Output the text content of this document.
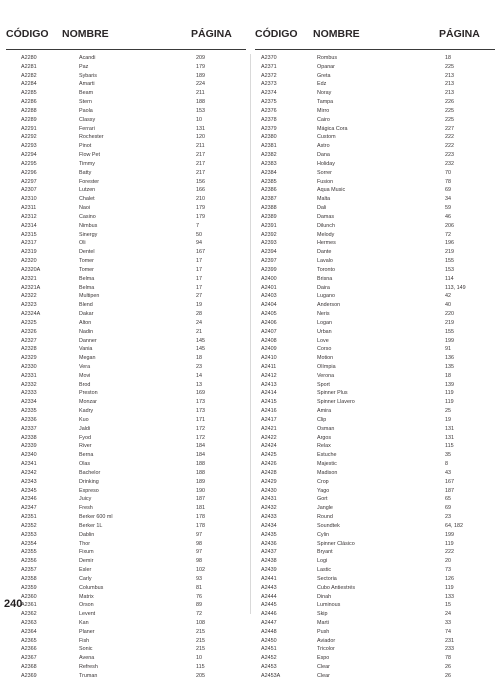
CÓDIGO NOMBRE	PÁGINA CÓDIGO NOMBRE	PÁGINA
A2280	Acandi	209
A2281	Paz	179
A2282	Sybaris	189
A2284	Amarti	224
A2285	Beam	211
A2286	Stern	188
A2288	Paola	153
A2289	Classy	10
A2291	Ferrari	131
A2292	Rochester	120
A2293	Pinot	211
A2294	Flow Pet	217
A2295	Timmy	217
A2296	Batty	217
A2297	Forester	156
A2307	Lutzen	166
A2310	Chalet	210
A2311	Naoi	179
A2312	Casino	179
A2314	Nimbus	7
A2315	Sinergy	50
A2317	Oli	94
A2319	Dentel	167
A2320	Tomer	17
A2320A	Tomer	17
A2321	Belma	17
A2321A	Belma	17
A2322	Multipen	27
A2323	Blend	19
A2324A	Dakar	28
A2325	Alton	24
A2326	Nadin	21
A2327	Danner	145
A2328	Vania	145
A2329	Megan	18
A2330	Vera	23
A2331	Movi	14
A2332	Brod	13
A2333	Preston	169
A2334	Monzar	173
A2335	Kadry	173
A2336	Kuo	171
A2337	Jaldi	172
A2338	Fyod	172
A2339	River	184
A2340	Berna	184
A2341	Olas	188
A2342	Bachelor	188
A2343	Drinking	189
A2345	Expreso	190
A2346	Juicy	187
A2347	Fresh	181
A2351	Berker 600 ml	178
A2352	Berker 1L	178
A2353	Dablin	97
A2354	Thor	98
A2355	Fixum	97
A2356	Demir	98
A2357	Esler	102
A2358	Carly	93
A2359	Columbus	81
A2360	Matrix	76
A2361	Orson	89
A2362	Levent	72
A2363	Kan	108
A2364	Planer	215
A2365	Fish	215
A2366	Sonic	215
A2367	Avena	10
A2368	Refresh	115
A2369	Truman	205
A2370	Rombus	18
A2371	Opanar	225
A2372	Greta	213
A2373	Edz	213
A2374	Noray	213
A2375	Tampa	226
A2376	Mirro	225
A2378	Cairo	225
A2379	Mágica Cora	227
A2380	Custom	222
A2381	Astro	222
A2382	Dana	223
A2383	Holiday	232
A2384	Sorrer	70
A2385	Fusion	78
A2386	Aqua Music	69
A2387	Malta	34
A2388	Dali	59
A2389	Damas	46
A2391	Dilunch	206
A2392	Melody	72
A2393	Hermes	196
A2394	Dante	219
A2397	Lavalo	155
A2399	Toronto	153
A2400	Brisna	114
A2401	Daira	113, 149
A2403	Lugano	42
A2404	Anderson	40
A2405	Neris	220
A2406	Logan	219
A2407	Urban	155
A2408	Love	199
A2409	Corso	91
A2410	Motion	136
A2411	Olímpia	135
A2412	Verona	18
A2413	Sport	139
A2414	Spinner Plus	119
A2415	Spinner Llavero	119
A2416	Amira	25
A2417	Clip	19
A2421	Osman	131
A2422	Argos	131
A2424	Relax	115
A2425	Estuche	35
A2426	Majestic	8
A2428	Madison	43
A2429	Crop	167
A2430	Yago	187
A2431	Gort	65
A2432	Jangle	69
A2433	Round	23
A2434	Soundtek	64, 182
A2435	Cylin	199
A2436	Spinner Clásico	119
A2437	Bryant	222
A2438	Logi	20
A2439	Lastic	73
A2441	Sectoria	126
A2443	Cubo Antiestrés	119
A2444	Dinah	133
A2445	Luminous	15
A2446	Skip	24
A2447	Marti	33
A2448	Push	74
A2450	Aviador	231
A2451	Tricolor	233
A2452	Espo	78
A2453	Clear	26
A2453A	Clear	26
240
